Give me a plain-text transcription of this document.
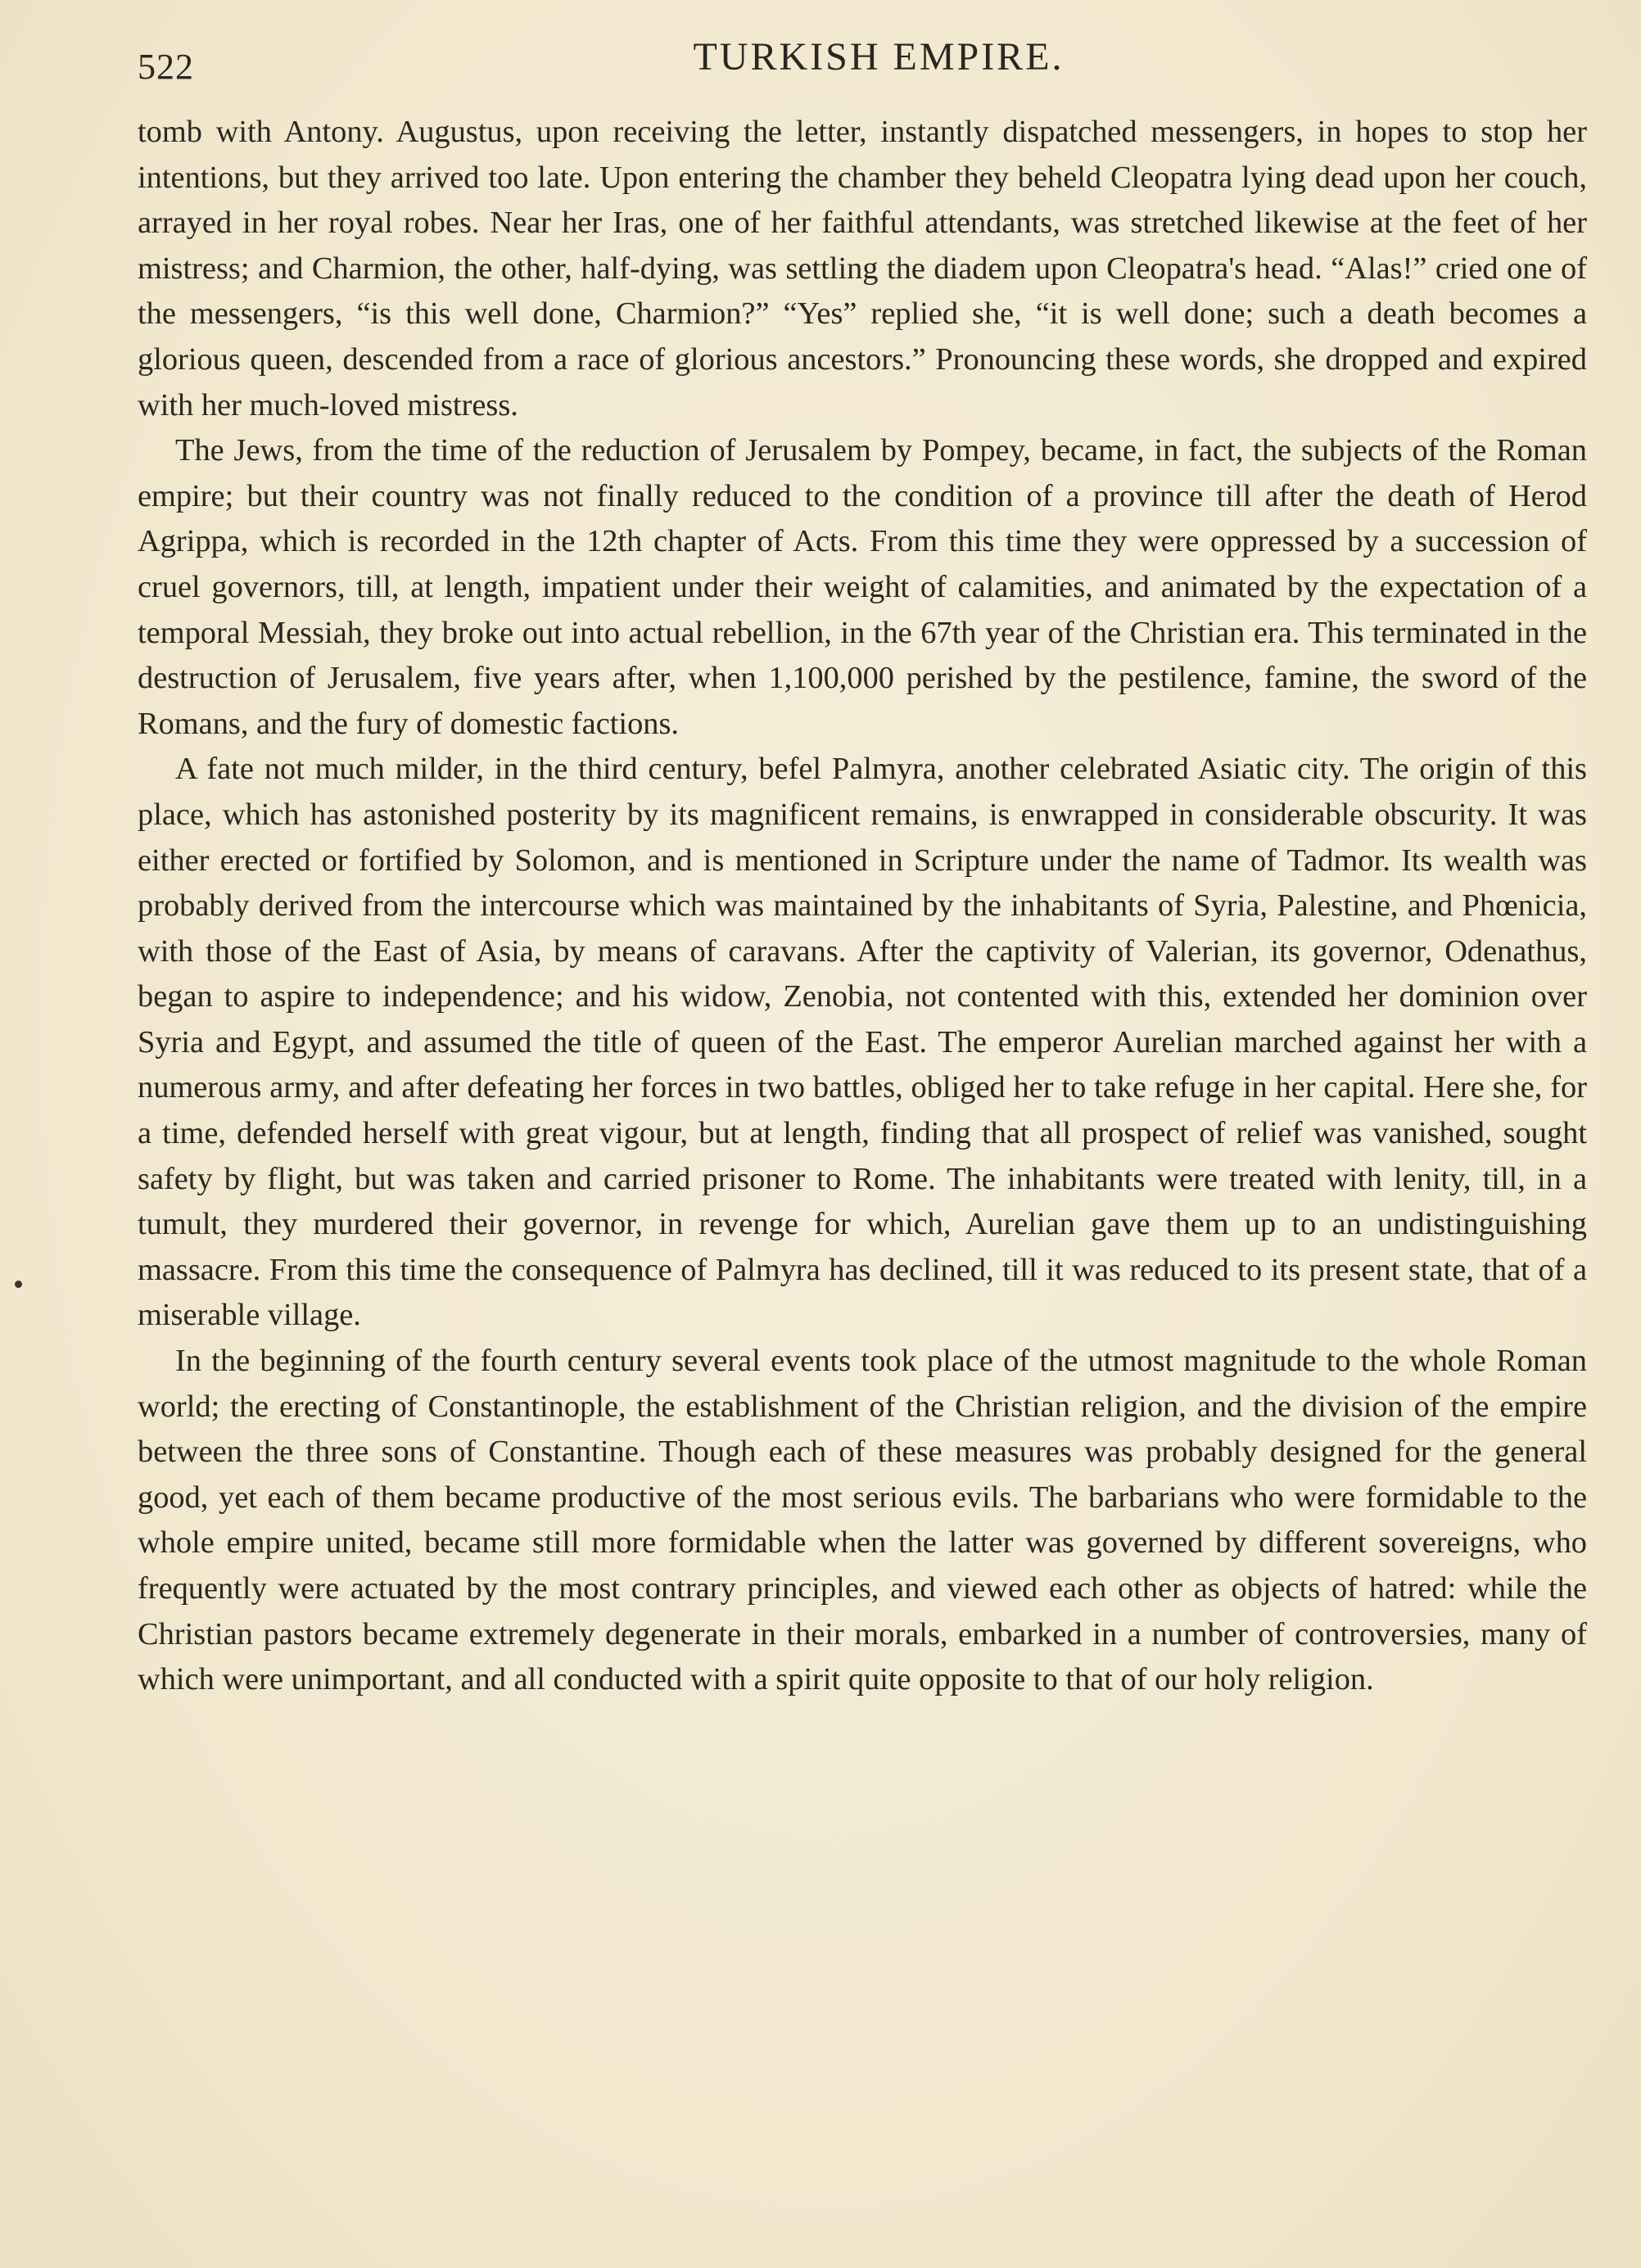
522	TURKISH EMPIRE.

tomb with Antony. Augustus, upon receiving the letter, instantly dispatched messengers, in hopes to stop her intentions, but they arrived too late. Upon entering the chamber they beheld Cleopatra lying dead upon her couch, arrayed in her royal robes. Near her Iras, one of her faithful attendants, was stretched likewise at the feet of her mistress; and Charmion, the other, half-dying, was settling the diadem upon Cleopatra's head. “Alas!” cried one of the messengers, “is this well done, Charmion?” “Yes” replied she, “it is well done; such a death becomes a glorious queen, descended from a race of glorious ancestors.” Pronouncing these words, she dropped and expired with her much-loved mistress.

The Jews, from the time of the reduction of Jerusalem by Pompey, became, in fact, the subjects of the Roman empire; but their country was not finally reduced to the condition of a province till after the death of Herod Agrippa, which is recorded in the 12th chapter of Acts. From this time they were oppressed by a succession of cruel governors, till, at length, impatient under their weight of calamities, and animated by the expectation of a temporal Messiah, they broke out into actual rebellion, in the 67th year of the Christian era. This terminated in the destruction of Jerusalem, five years after, when 1,100,000 perished by the pestilence, famine, the sword of the Romans, and the fury of domestic factions.

A fate not much milder, in the third century, befel Palmyra, another celebrated Asiatic city. The origin of this place, which has astonished posterity by its magnificent remains, is enwrapped in considerable obscurity. It was either erected or fortified by Solomon, and is mentioned in Scripture under the name of Tadmor. Its wealth was probably derived from the intercourse which was maintained by the inhabitants of Syria, Palestine, and Phœnicia, with those of the East of Asia, by means of caravans. After the captivity of Valerian, its governor, Odenathus, began to aspire to independence; and his widow, Zenobia, not contented with this, extended her dominion over Syria and Egypt, and assumed the title of queen of the East. The emperor Aurelian marched against her with a numerous army, and after defeating her forces in two battles, obliged her to take refuge in her capital. Here she, for a time, defended herself with great vigour, but at length, finding that all prospect of relief was vanished, sought safety by flight, but was taken and carried prisoner to Rome. The inhabitants were treated with lenity, till, in a tumult, they murdered their governor, in revenge for which, Aurelian gave them up to an undistinguishing massacre. From this time the consequence of Palmyra has declined, till it was reduced to its present state, that of a miserable village.

In the beginning of the fourth century several events took place of the utmost magnitude to the whole Roman world; the erecting of Constantinople, the establishment of the Christian religion, and the division of the empire between the three sons of Constantine. Though each of these measures was probably designed for the general good, yet each of them became productive of the most serious evils. The barbarians who were formidable to the whole empire united, became still more formidable when the latter was governed by different sovereigns, who frequently were actuated by the most contrary principles, and viewed each other as objects of hatred: while the Christian pastors became extremely degenerate in their morals, embarked in a number of controversies, many of which were unimportant, and all conducted with a spirit quite opposite to that of our holy religion.
